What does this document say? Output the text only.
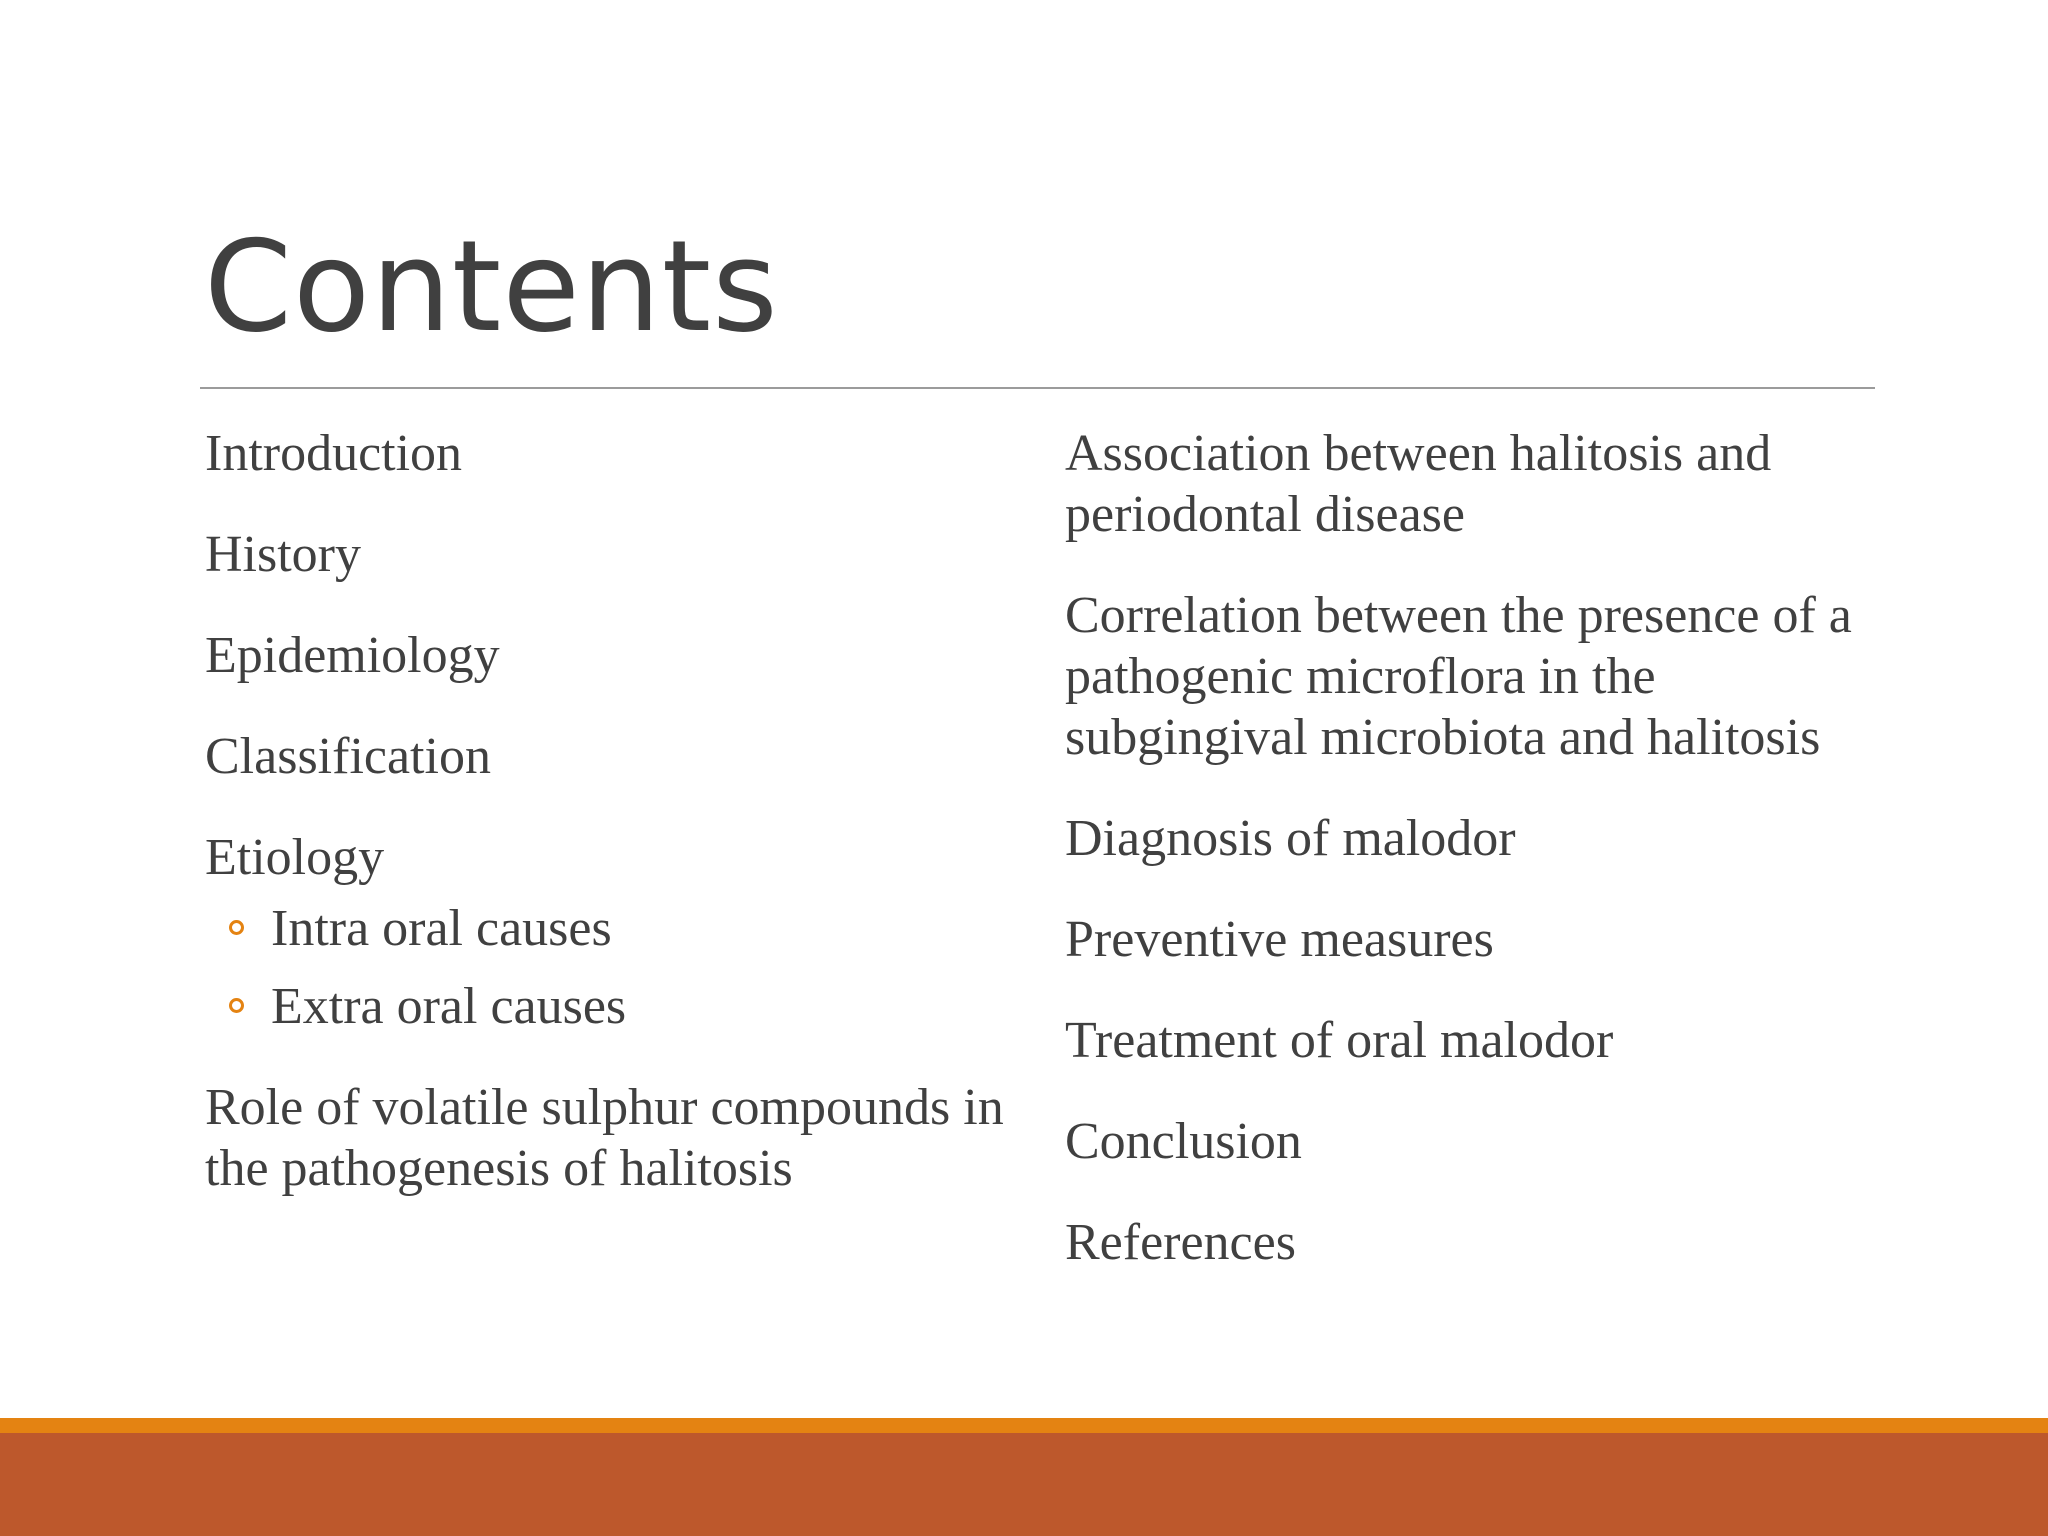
Contents
Introduction
History
Epidemiology
Classification
Etiology
Intra oral causes
Extra oral causes
Role of volatile sulphur compounds in the pathogenesis of halitosis
Association between halitosis and periodontal disease
Correlation between the presence of a pathogenic microflora in the subgingival microbiota and halitosis
Diagnosis of malodor
Preventive measures
Treatment of oral malodor
Conclusion
References
